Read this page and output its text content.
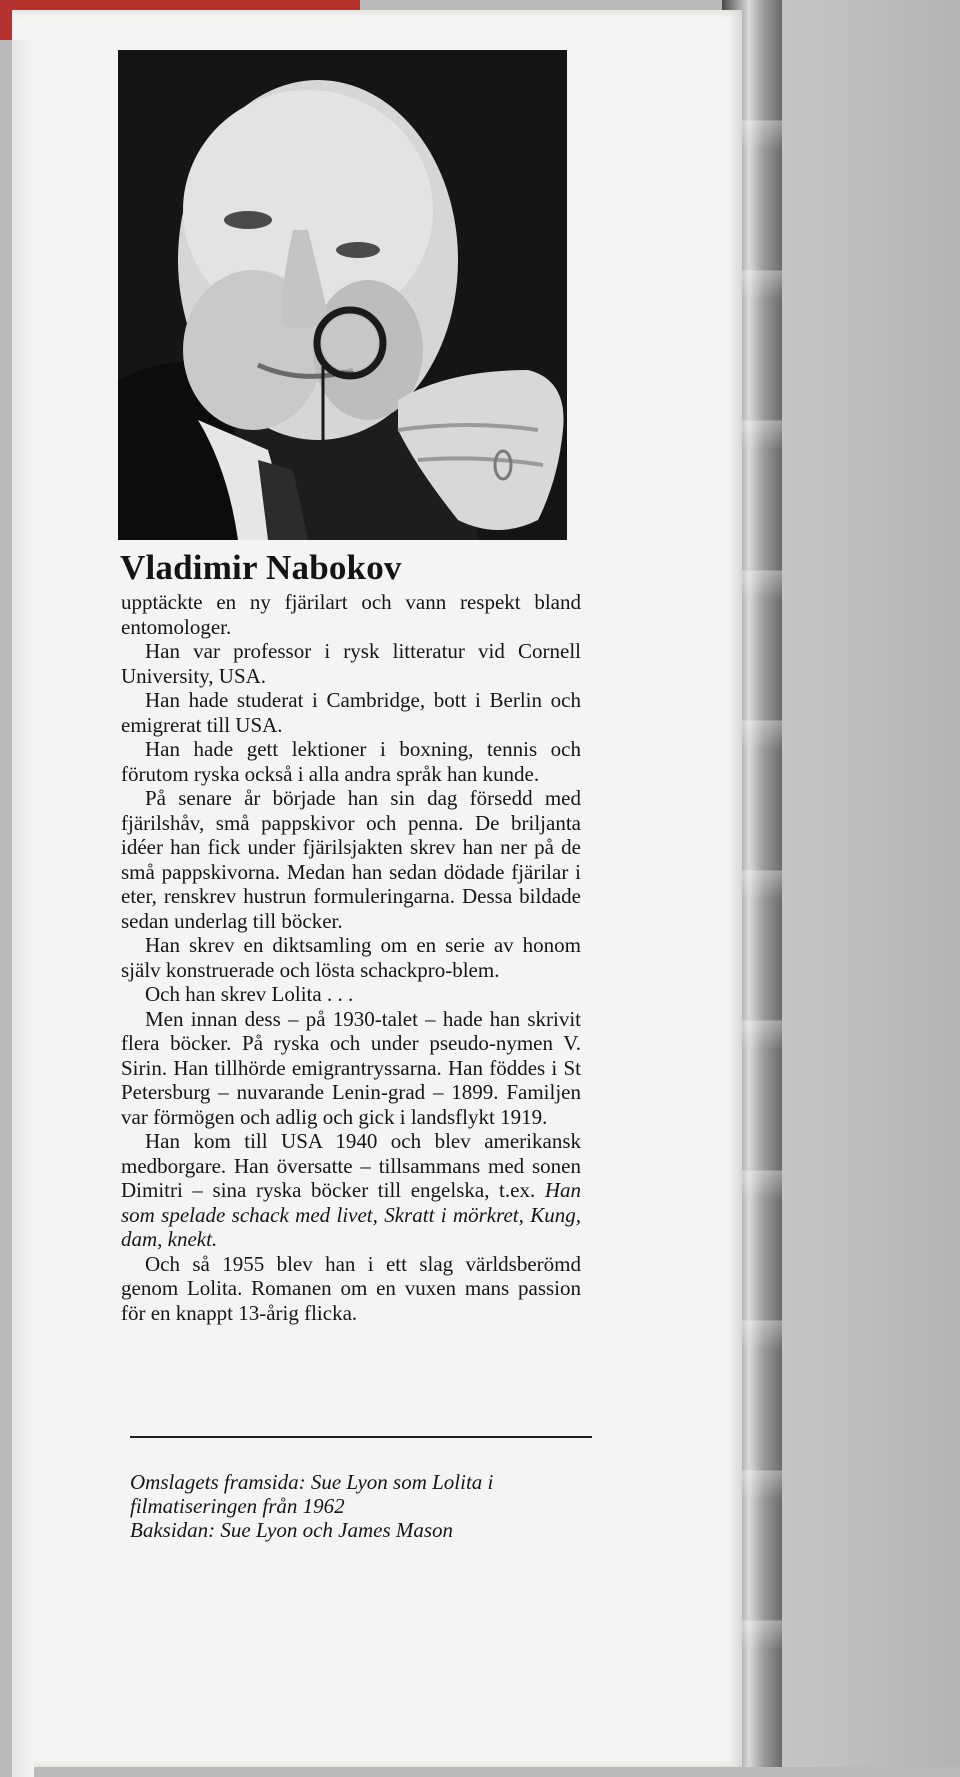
Vladimir Nabokov

upptäckte en ny fjärilart och vann respekt bland entomologer.

Han var professor i rysk litteratur vid Cornell University, USA.

Han hade studerat i Cambridge, bott i Berlin och emigrerat till USA.

Han hade gett lektioner i boxning, tennis och förutom ryska också i alla andra språk han kunde.

På senare år började han sin dag försedd med fjärilshåv, små pappskivor och penna. De briljanta idéer han fick under fjärilsjakten skrev han ner på de små pappskivorna. Medan han sedan dödade fjärilar i eter, renskrev hustrun formuleringarna. Dessa bildade sedan underlag till böcker.

Han skrev en diktsamling om en serie av honom själv konstruerade och lösta schackpro-blem.

Och han skrev Lolita . . .

Men innan dess – på 1930-talet – hade han skrivit flera böcker. På ryska och under pseudo-nymen V. Sirin. Han tillhörde emigrantryssarna. Han föddes i St Petersburg – nuvarande Lenin-grad – 1899. Familjen var förmögen och adlig och gick i landsflykt 1919.

Han kom till USA 1940 och blev amerikansk medborgare. Han översatte – tillsammans med sonen Dimitri – sina ryska böcker till engelska, t.ex. Han som spelade schack med livet, Skratt i mörkret, Kung, dam, knekt.

Och så 1955 blev han i ett slag världsberömd genom Lolita. Romanen om en vuxen mans passion för en knappt 13-årig flicka.

Omslagets framsida: Sue Lyon som Lolita i filmatiseringen från 1962
Baksidan: Sue Lyon och James Mason
